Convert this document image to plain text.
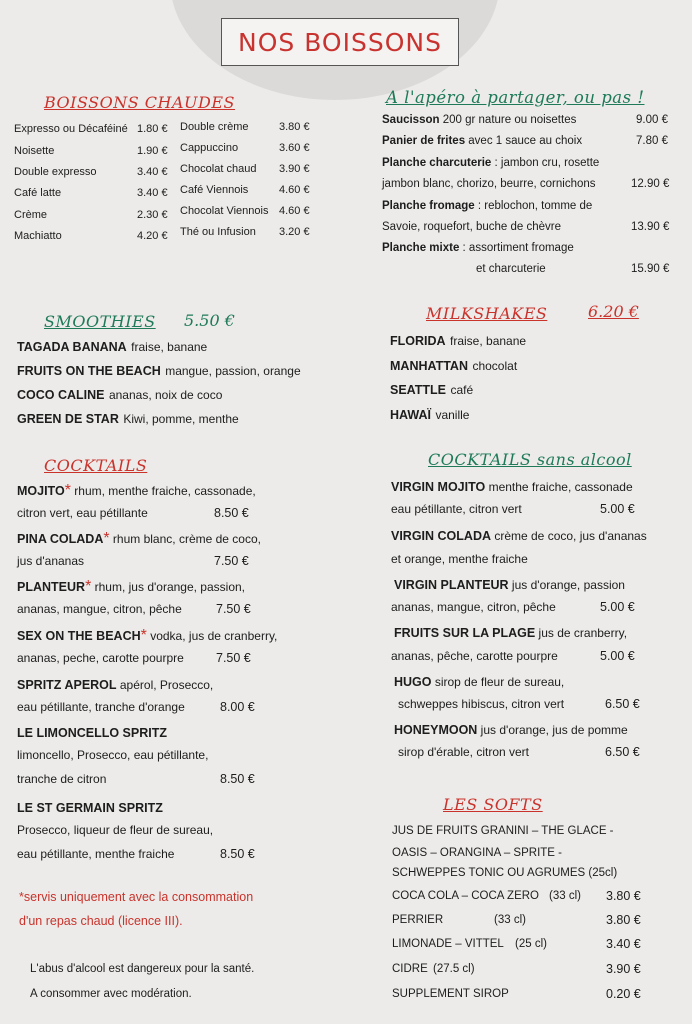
NOS BOISSONS
BOISSONS CHAUDES
Expresso ou Décaféiné 1.80 €
Noisette	1.90 €
Double expresso	3.40 €
Café latte	3.40 €
Crème	2.30 €
Machiatto	4.20 €
Double crème	3.80 €
Cappuccino	3.60 €
Chocolat chaud 3.90 €
Café Viennois	4.60 €
Chocolat Viennois 4.60 €
Thé ou Infusion 3.20 €
A l'apéro à partager, ou pas !
Saucisson 200 gr nature ou noisettes	9.00 €
Panier de frites avec 1 sauce au choix	7.80 €
Planche charcuterie : jambon cru, rosette
jambon blanc, chorizo, beurre, cornichons	12.90 €
Planche fromage : reblochon, tomme de
Savoie, roquefort, buche de chèvre	13.90 €
Planche mixte : assortiment fromage
et charcuterie	15.90 €
SMOOTHIES 5.50 €
TAGADA BANANA fraise, banane
FRUITS ON THE BEACH mangue, passion, orange
COCO CALINE ananas, noix de coco
GREEN DE STAR Kiwi, pomme, menthe
MILKSHAKES	6.20 €
FLORIDA fraise, banane
MANHATTAN chocolat
SEATTLE café
HAWAÏ vanille
COCKTAILS
MOJITO* rhum, menthe fraiche, cassonade,
citron vert, eau pétillante	8.50 €
PINA COLADA* rhum blanc, crème de coco,
jus d'ananas	7.50 €
PLANTEUR* rhum, jus d'orange, passion,
ananas, mangue, citron, pêche	7.50 €
SEX ON THE BEACH* vodka, jus de cranberry,
ananas, peche, carotte pourpre	7.50 €
SPRITZ APEROL apérol, Prosecco,
eau pétillante, tranche d'orange	8.00 €
LE LIMONCELLO SPRITZ
limoncello, Prosecco, eau pétillante,
tranche de citron	8.50 €
LE ST GERMAIN SPRITZ
Prosecco, liqueur de fleur de sureau,
eau pétillante, menthe fraiche	8.50 €
*servis uniquement avec la consommation
d'un repas chaud (licence III).
L'abus d'alcool est dangereux pour la santé.
A consommer avec modération.
COCKTAILS sans alcool
VIRGIN MOJITO menthe fraiche, cassonade
eau pétillante, citron vert	5.00 €
VIRGIN COLADA crème de coco, jus d'ananas
et orange, menthe fraiche
VIRGIN PLANTEUR jus d'orange, passion
ananas, mangue, citron, pêche	5.00 €
FRUITS SUR LA PLAGE jus de cranberry,
ananas, pêche, carotte pourpre	5.00 €
HUGO sirop de fleur de sureau,
schweppes hibiscus, citron vert	6.50 €
HONEYMOON jus d'orange, jus de pomme
sirop d'érable, citron vert	6.50 €
LES SOFTS
JUS DE FRUITS GRANINI – THE GLACE -
OASIS – ORANGINA – SPRITE -
SCHWEPPES TONIC OU AGRUMES (25cl)
COCA COLA – COCA ZERO (33 cl) 3.80 €
PERRIER	(33 cl)	3.80 €
LIMONADE – VITTEL (25 cl)	3.40 €
CIDRE (27.5 cl)	3.90 €
SUPPLEMENT SIROP	0.20 €
